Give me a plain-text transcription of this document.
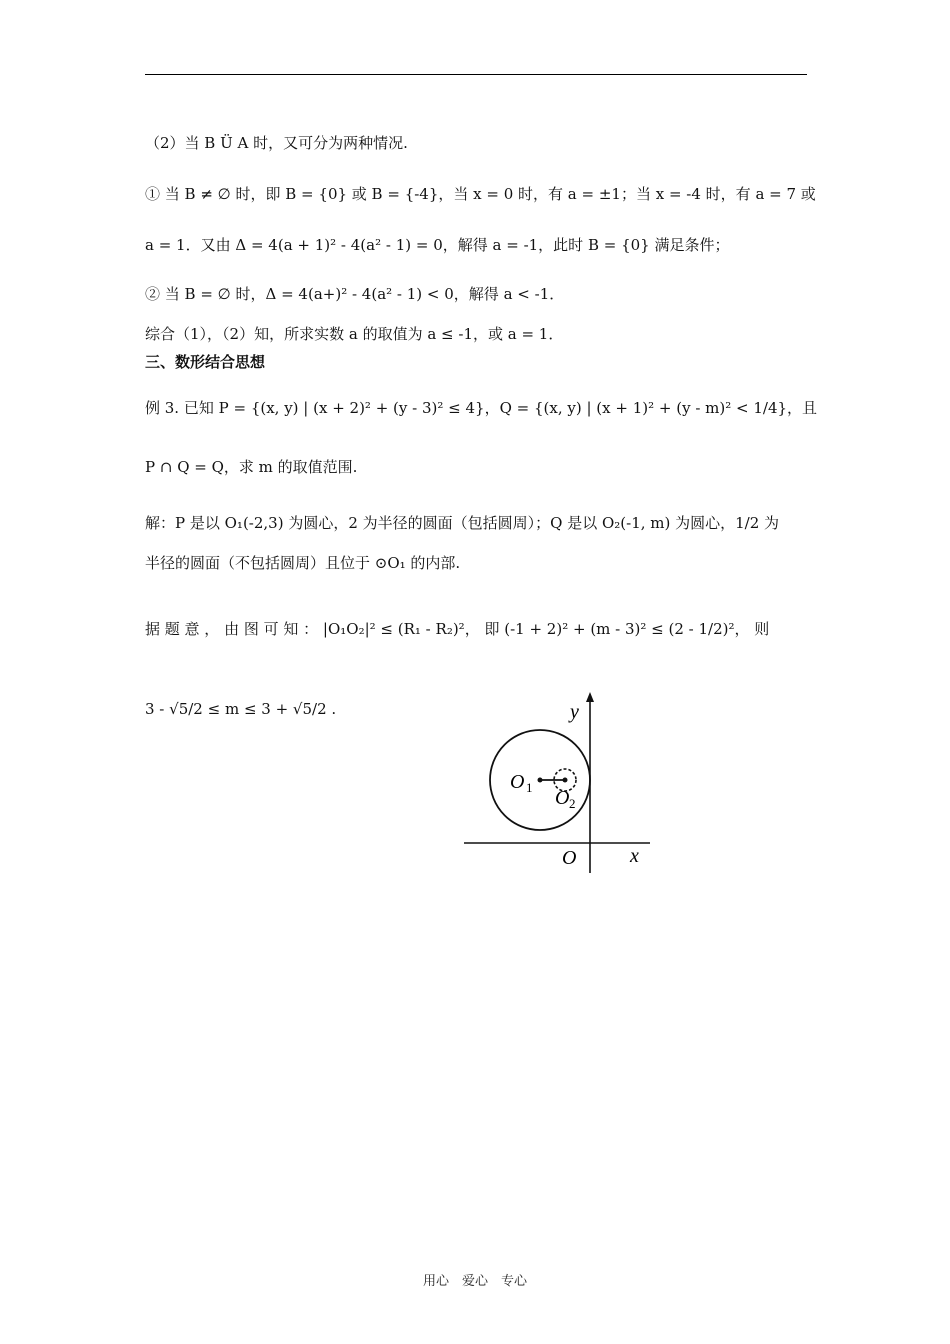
（2）当 B Ü A 时，又可分为两种情况.
① 当 B ≠ ∅ 时，即 B = {0} 或 B = {-4}，当 x = 0 时，有 a = ±1；当 x = -4 时，有 a = 7 或
a = 1．又由 Δ = 4(a + 1)² - 4(a² - 1) = 0，解得 a = -1，此时 B = {0} 满足条件；
② 当 B = ∅ 时，Δ = 4(a+)² - 4(a² - 1) < 0，解得 a < -1．
综合（1），（2）知，所求实数 a 的取值为 a ≤ -1，或 a = 1．
三、数形结合思想
例 3. 已知 P = {(x, y) | (x + 2)² + (y - 3)² ≤ 4}，Q = {(x, y) | (x + 1)² + (y - m)² < 1/4}，且
P ∩ Q = Q，求 m 的取值范围.
解：P 是以 O₁(-2,3) 为圆心，2 为半径的圆面（包括圆周）；Q 是以 O₂(-1, m) 为圆心，1/2 为
半径的圆面（不包括圆周）且位于 ⊙O₁ 的内部.
据 题 意 ， 由 图 可 知 ： |O₁O₂|² ≤ (R₁ - R₂)²， 即 (-1 + 2)² + (m - 3)² ≤ (2 - 1/2)²， 则
3 - √5/2 ≤ m ≤ 3 + √5/2 .	y
x
O
O 1 O 2
用心　爱心　专心
